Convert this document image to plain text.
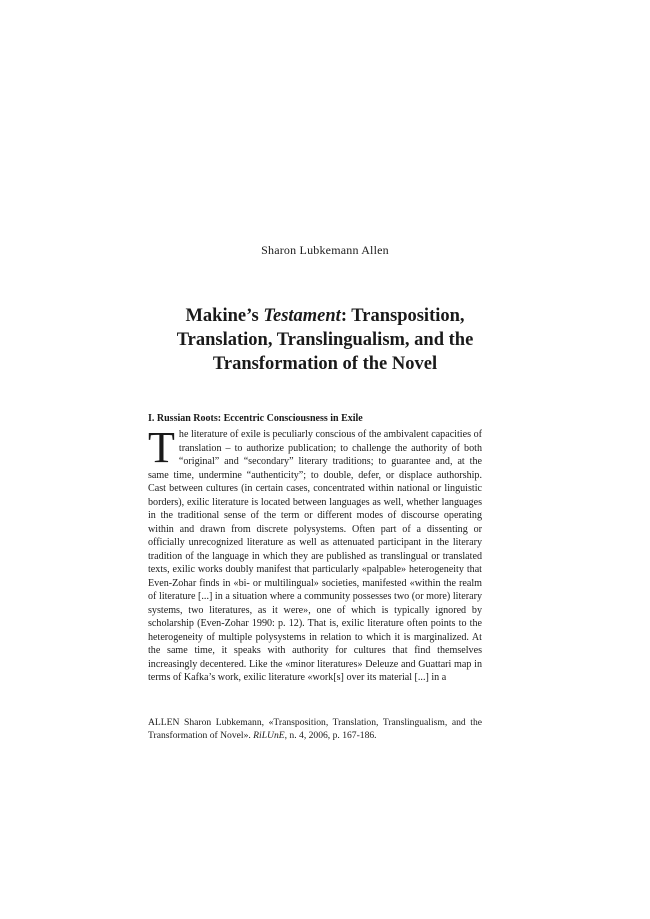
Sharon Lubkemann Allen
Makine’s Testament: Transposition,
Translation, Translingualism, and the
Transformation of the Novel
I. Russian Roots: Eccentric Consciousness in Exile
The literature of exile is peculiarly conscious of the ambivalent capacities of translation – to authorize publication; to challenge the authority of both “original” and “secondary” literary traditions; to guarantee and, at the same time, undermine “authenticity”; to double, defer, or displace authorship. Cast between cultures (in certain cases, concentrated within national or linguistic borders), exilic literature is located between languages as well, whether languages in the traditional sense of the term or different modes of discourse operating within and drawn from discrete polysystems. Often part of a dissenting or officially unrecognized literature as well as attenuated participant in the literary tradition of the language in which they are published as translingual or translated texts, exilic works doubly manifest that particularly «palpable» heterogeneity that Even-Zohar finds in «bi- or multilingual» societies, manifested «within the realm of literature [...] in a situation where a community possesses two (or more) literary systems, two literatures, as it were», one of which is typically ignored by scholarship (Even-Zohar 1990: p. 12). That is, exilic literature often points to the heterogeneity of multiple polysystems in relation to which it is marginalized. At the same time, it speaks with authority for cultures that find themselves increasingly decentered. Like the «minor literatures» Deleuze and Guattari map in terms of Kafka’s work, exilic literature «work[s] over its material [...] in a
ALLEN Sharon Lubkemann, «Transposition, Translation, Translingualism, and the Transformation of Novel». RiLUnE, n. 4, 2006, p. 167-186.
